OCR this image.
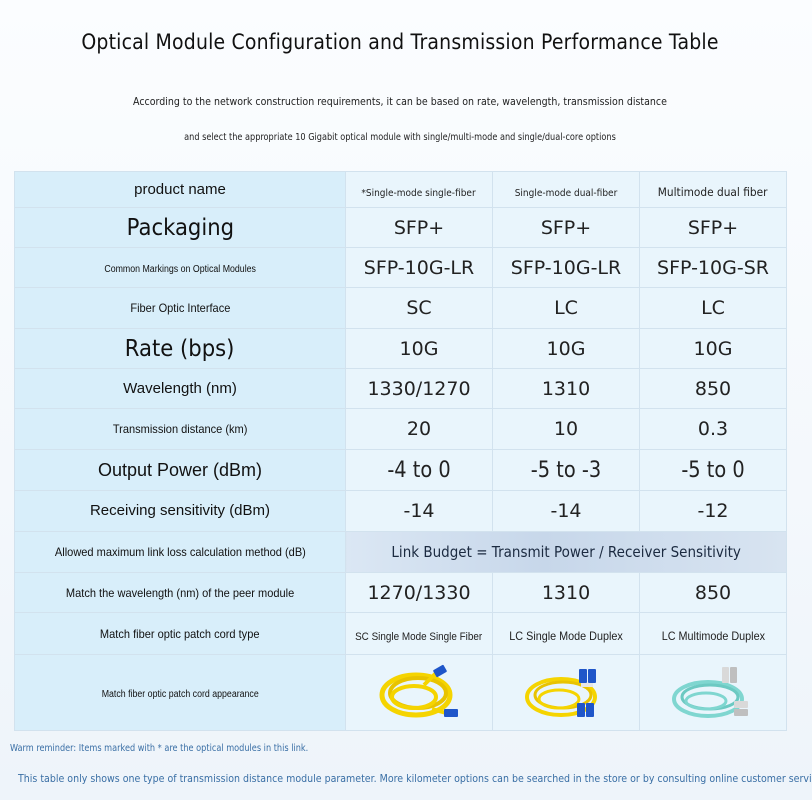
Optical Module Configuration and Transmission Performance Table
According to the network construction requirements, it can be based on rate, wavelength, transmission distance
and select the appropriate 10 Gigabit optical module with single/multi-mode and single/dual-core options
product name	*Single-mode single-fiber	Single-mode dual-fiber	Multimode dual fiber
Packaging	SFP+	SFP+	SFP+
Common Markings on Optical Modules	SFP-10G-LR	SFP-10G-LR	SFP-10G-SR
Fiber Optic Interface	SC	LC	LC
Rate (bps)	10G	10G	10G
Wavelength (nm)	1330/1270	1310	850
Transmission distance (km)	20	10	0.3
Output Power (dBm)	-4 to 0	-5 to -3	-5 to 0
Receiving sensitivity (dBm)	-14	-14	-12
Allowed maximum link loss calculation method (dB)	Link Budget = Transmit Power / Receiver Sensitivity		
Match the wavelength (nm) of the peer module	1270/1330	1310	850
Match fiber optic patch cord type	SC Single Mode Single Fiber	LC Single Mode Duplex	LC Multimode Duplex
Match fiber optic patch cord appearance	

Warm reminder: Items marked with * are the optical modules in this link.
This table only shows one type of transmission distance module parameter. More kilometer options can be searched in the store or by consulting online customer servi
